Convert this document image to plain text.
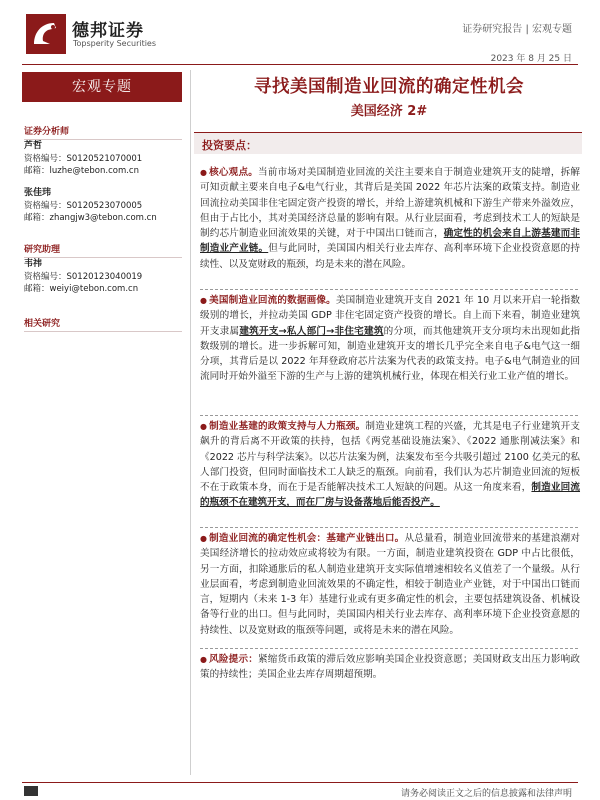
德邦证券
Topsperity Securities
证券研究报告 | 宏观专题
2023 年 8 月 25 日
宏观专题
证券分析师
芦哲
资格编号：S0120521070001
邮箱：luzhe@tebon.com.cn
张佳玮
资格编号：S0120523070005
邮箱：zhangjw3@tebon.com.cn
研究助理
韦祎
资格编号：S0120123040019
邮箱：weiyi@tebon.com.cn
相关研究
寻找美国制造业回流的确定性机会
美国经济 2#
投资要点：
● 核心观点。当前市场对美国制造业回流的关注主要来自于制造业建筑开支的陡增，拆解可知贡献主要来自电子&电气行业，其背后是美国 2022 年芯片法案的政策支持。制造业回流拉动美国非住宅固定资产投资的增长，并给上游建筑机械和下游生产带来外溢效应，但由于占比小，其对美国经济总量的影响有限。从行业层面看，考虑到技术工人的短缺是制约芯片制造业回流效果的关键，对于中国出口链而言，确定性的机会来自上游基建而非制造业产业链。但与此同时，美国国内相关行业去库存、高利率环境下企业投资意愿的持续性、以及宽财政的瓶颈，均是未来的潜在风险。
● 美国制造业回流的数据画像。美国制造业建筑开支自 2021 年 10 月以来开启一轮指数级别的增长，并拉动美国 GDP 非住宅固定资产投资的增长。自上而下来看，制造业建筑开支隶属建筑开支→私人部门→非住宅建筑的分项，而其他建筑开支分项均未出现如此指数级别的增长。进一步拆解可知，制造业建筑开支的增长几乎完全来自电子&电气这一细分项，其背后是以 2022 年拜登政府芯片法案为代表的政策支持。电子&电气制造业的回流同时开始外溢至下游的生产与上游的建筑机械行业，体现在相关行业工业产值的增长。
● 制造业基建的政策支持与人力瓶颈。制造业建筑工程的兴盛，尤其是电子行业建筑开支飙升的背后离不开政策的扶持，包括《两党基础设施法案》、《2022 通胀削减法案》和《2022 芯片与科学法案》。以芯片法案为例，法案发布至今共吸引超过 2100 亿美元的私人部门投资，但同时面临技术工人缺乏的瓶颈。向前看，我们认为芯片制造业回流的短板不在于政策本身，而在于是否能解决技术工人短缺的问题。从这一角度来看，制造业回流的瓶颈不在建筑开支，而在厂房与设备落地后能否投产。
● 制造业回流的确定性机会：基建产业链出口。从总量看，制造业回流带来的基建浪潮对美国经济增长的拉动效应或将较为有限。一方面，制造业建筑投资在 GDP 中占比很低，另一方面，扣除通胀后的私人制造业建筑开支实际值增速相较名义值差了一个量级。从行业层面看，考虑到制造业回流效果的不确定性，相较于制造业产业链，对于中国出口链而言，短期内（未来 1-3 年）基建行业或有更多确定性的机会，主要包括建筑设备、机械设备等行业的出口。但与此同时，美国国内相关行业去库存、高利率环境下企业投资意愿的持续性、以及宽财政的瓶颈等问题，或将是未来的潜在风险。
● 风险提示：紧缩货币政策的滞后效应影响美国企业投资意愿；美国财政支出压力影响政策的持续性；美国企业去库存周期超预期。
请务必阅读正文之后的信息披露和法律声明
